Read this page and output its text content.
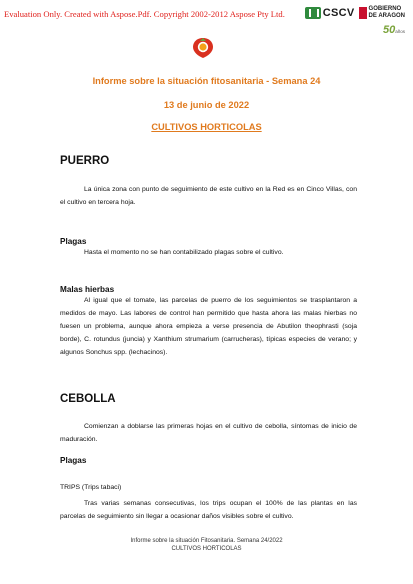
Evaluation Only. Created with Aspose.Pdf. Copyright 2002-2012 Aspose Pty Ltd.	CSCV GOBIERNO
DE ARAGON
50años
Informe sobre la situación fitosanitaria - Semana 24
13 de junio de 2022
CULTIVOS HORTICOLAS
PUERRO
La única zona con punto de seguimiento de este cultivo en la Red es en Cinco Villas, con el cultivo en tercera hoja.
Plagas
Hasta el momento no se han contabilizado plagas sobre el cultivo.
Malas hierbas
Al igual que el tomate, las parcelas de puerro de los seguimientos se trasplantaron a medidos de mayo. Las labores de control han permitido que hasta ahora las malas hierbas no fuesen un problema, aunque ahora empieza a verse presencia de Abutilon theophrasti (soja borde), C. rotundus (juncia) y Xanthium strumarium (carrucheras), típicas especies de verano; y algunos Sonchus spp. (lechacinos).
CEBOLLA
Comienzan a doblarse las primeras hojas en el cultivo de cebolla, síntomas de inicio de maduración.
Plagas
TRIPS (Trips tabaci)
Tras varias semanas consecutivas, los trips ocupan el 100% de las plantas en las parcelas de seguimiento sin llegar a ocasionar daños visibles sobre el cultivo.
Informe sobre la situación Fitosanitaria. Semana 24/2022
CULTIVOS HORTICOLAS
